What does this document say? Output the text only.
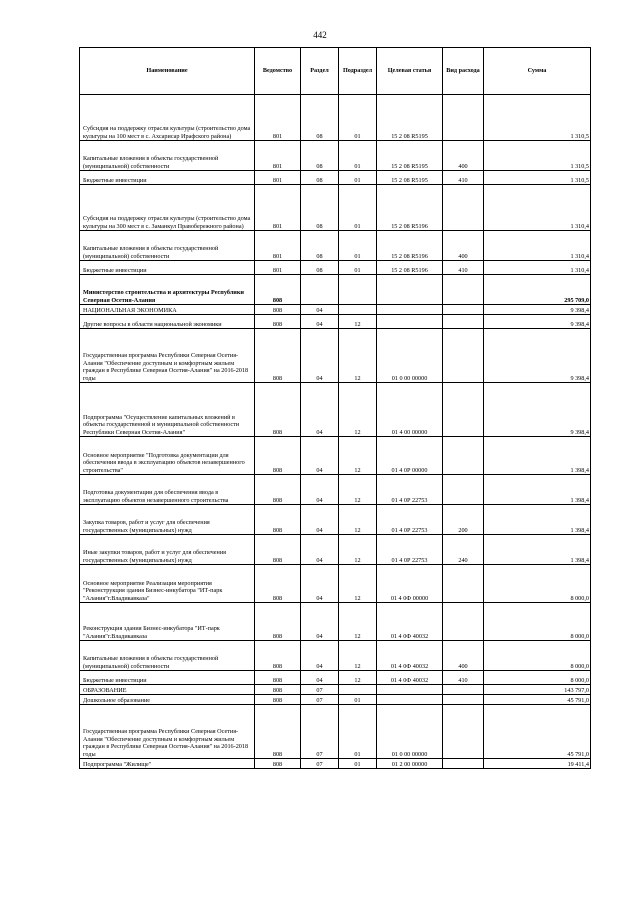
442
Наименование	Ведомство	Раздел	Подраздел	Целевая статья	Вид расхода	Сумма
Субсидия на поддержку отрасли культуры (строительство дома культуры на 100 мест в с. Ахсарисар Ирафского района)	801	08	01	15 2 08 R5195		1 310,5
Капитальные вложения в объекты государственной (муниципальной) собственности	801	08	01	15 2 08 R5195	400	1 310,5
Бюджетные инвестиции	801	08	01	15 2 08 R5195	410	1 310,5
Субсидия на поддержку отрасли культуры (строительство дома культуры на 300 мест в с. Заманкул Правобережного района)	801	08	01	15 2 08 R5196		1 310,4
Капитальные вложения в объекты государственной (муниципальной) собственности	801	08	01	15 2 08 R5196	400	1 310,4
Бюджетные инвестиции	801	08	01	15 2 08 R5196	410	1 310,4
Министерство строительства и архитектуры Республики Северная Осетия-Алания	808					295 709,0
НАЦИОНАЛЬНАЯ ЭКОНОМИКА	808	04				9 398,4
Другие вопросы в области национальной экономики	808	04	12			9 398,4
Государственная программа Республики Северная Осетия-Алания "Обеспечение доступным и комфортным жильем граждан в Республике Северная Осетия-Алания" на 2016-2018 годы	808	04	12	01 0 00 00000		9 398,4
Подпрограмма "Осуществление капитальных вложений в объекты государственной и муниципальной собственности Республики Северная Осетия-Алания"	808	04	12	01 4 00 00000		9 398,4
Основное мероприятие "Подготовка документации для обеспечения ввода в эксплуатацию объектов незавершенного строительства"	808	04	12	01 4 0Р 00000		1 398,4
Подготовка документации для обеспечения ввода в эксплуатацию объектов незавершенного строительства	808	04	12	01 4 0Р 22753		1 398,4
Закупка товаров, работ и услуг для обеспечения государственных (муниципальных) нужд	808	04	12	01 4 0Р 22753	200	1 398,4
Иные закупки товаров, работ и услуг для обеспечения государственных (муниципальных) нужд	808	04	12	01 4 0Р 22753	240	1 398,4
Основное мероприятие Реализация мероприятия "Реконструкция здания Бизнес-инкубатора "ИТ-парк "Алания"г.Владикавказа"	808	04	12	01 4 0Ф 00000		8 000,0
Реконструкция здания Бизнес-инкубатора "ИТ-парк "Алания"г.Владикавказа	808	04	12	01 4 0Ф 40032		8 000,0
Капитальные вложения в объекты государственной (муниципальной) собственности	808	04	12	01 4 0Ф 40032	400	8 000,0
Бюджетные инвестиции	808	04	12	01 4 0Ф 40032	410	8 000,0
ОБРАЗОВАНИЕ	808	07				143 797,0
Дошкольное образование	808	07	01			45 791,0
Государственная программа Республики Северная Осетия-Алания "Обеспечение доступным и комфортным жильем граждан в Республике Северная Осетия-Алания" на 2016-2018 годы	808	07	01	01 0 00 00000		45 791,0
Подпрограмма "Жилище"	808	07	01	01 2 00 00000		19 411,4
